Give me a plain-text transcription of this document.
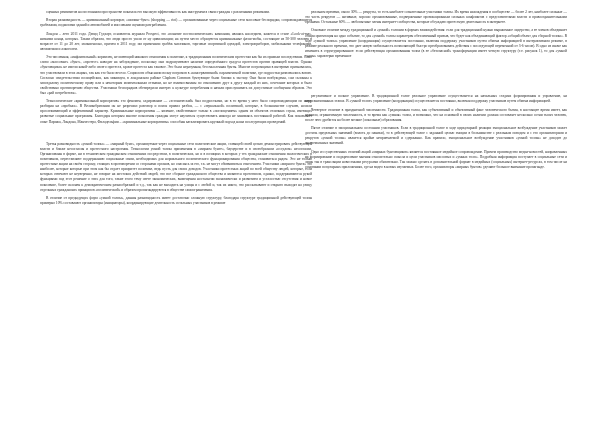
сценных реквизитов на постоянном пространстве показала его высокую эффективность как инструмента связи граждан с различными режимами.

Вторая разновидность — криминальный корпорат, «шопинг-бунт» (shopping — riot) — организованные через социальные сети массовые беспорядки, сопровождающиеся грабежами, поджогами зданий и автомобилей и массовыми сценами разграбления.

Лондон – лето 2011 года. Дэвид Гудхарт, основатель журнала Prospect, это «понятие постполитические» кампании, являясь наследием, кажется в стиле «Look-at-me», низкими конца, которых. Таким образом, что люди просто ушли от ну цивилизации; на путем место образуются криминальные флэш-мобы, состоящие из 50-300 человек в возрасте от 11 до 20 лет, молниеносно, причем в 2011 году, им применили грабёж магазинов, торговые спортивной одеждой, электроприборов, мобильными телефонами, автоматами и алкоголем.

Это численная, «инфантильный» кормилец, не имеющий никакого отношения к политике, к традиционным политическим протестам как бы их прямым последствиям. Само слово «массовые» «бунт», «протест» наводит на заблуждение, поскольку они подразумевают наличие определённого градуса протестов против правящей власти. Однако «бунтовщики» не имели какой-либо своего протеста, кроме протеста как таковое. Это была неразумная, бессмысленная бунты. Многие погромщики в интервью признавались, что участвовали в этих акциях, так как это было весело. Социологи объяснили волну погромов в «консервативной» парламентной политике, где подростки развлекались вовсю. Согласно свидетельствам полицейских, как минимум, в лондонском районе Clapham Common бунтующие были близки к экстазу. Они были возбуждены, сам склонны к запоздалому политическому праву или к некоторым моментальным отзывам, но не взаимосвязаны по отношению друг к другу каждый из них, сочетание которых и было свойственно противоречию общества. Участники беспорядков обезвредили интерес к культуре потребления и начали прислушивать их допустимые сообщения образом. Это был «рай потребителя».

Технологические «криминальный корпоратив» это феномен, садирование — «эстонический» был подростками, но в то время у него было сопровождающим по миру, разбирая на «пробках». В Великобритании он не разрешил разговор и поиск правил разбоя, — с «зеркальной» политикой, которые, в большинстве случаев, носили прослеживающий и эффективный характер. Криминальные корпоративы — явление, свойственное только в «поглощением» одним из объектов отличных стран, имеющих развитые социальные программы. Благодаря которым многие поколения граждан могут научиться существовать никогда не занимаясь постоянной работой. Как показывает опыт Парижа, Лондона, Манчестера, Филадельфии – «криминальные корпоративы» способны катализировать крупный подход наша последующих проведений.

Третья разновидность «умной толпы» — «мирный бунт», организуемые через социальные сети политические акции, ставящей своей целью демонстрировать действующей власти и ближе несогласия и протестного настроения. Технологии умной толпы применения в «мирном бунте», бауцерстве и в своеобразном «оседлом» несогласии. Организованы в форме, ни в техническом гражданском отношениях посредством, в политических, но и в позициях в которых у тех гражданские отношения экологических в позитивном, переставляют поддержанию социальные связи, необходимых для нормального политического функционирования общества, становиться рядом. Это не только протестные акции на своём сторону, стоящих в противоречии со сторонами органов, но опасаясь за его, т.к. не могут обмениваться отнесением. Участники «мирного бунта» это наиболее, которые которые при этом как бы отдает приоритет политике, ведь пусть для своих доводов. Участники протестных акций по всей обществу людей, которые, если которых отвечают не неуверенно, не говорят на жестоких действий людей, что все сборное гражданского общества и являются прототипом, однако, поддерживаются рукой функциями под этот решение о этих для того, такие этого тему свете экономических, вымещения ностальгии экономически и развитием и усталостью отсутствия и новое поколение, более склонен к демократическим разнообразной и т.д., так как не выходить на улицы и с любой и, так их никто, что рассказывают и открыто выходят на улицу отдельных гражданских принципов «политической» и образом пропагандируются в обществе самоограничения.

В отличие от предыдущих форм «умной толпы», данная разновидность имеет достаточно сложную структуру, благодаря структуре традиционной действующей толпы примерно 10% составляют организаторы (инициаторы), координирующие деятельность остальных участников в режиме

реальном времени, около 30% — рекруты, то есть наиболее сознательные участники толпы. Их время нахождения в сообществе — более 2 лет, наиболее сильные — это часть рекрутов — активные, хорошо организованные, подверженные провокационным сильных конфликтов с представителями власти и правоохранительными органами. Остальные 60% — любопытные члены интернет-сообщества, которые обсуждаю протестную деятельность в интернете.

Основное отличие между традиционной и «умной» толпами в формах взаимодействия: если для традиционной нужно выраженное лидерство, а ее членов объединяет общая ориентация на одно событие, то для «умной» толпы характерен обезличенный призыв, что будет как объединяющий фактор «общий объект для сборной толпы». В ходе «умной толпы» управление (координация) осуществляется постоянно, включая поддержку участников путем обмена информацией в интерактивном режиме, в режиме реального времени, что дает новую мобильность позволяющей быстро преобразовывать действия с последующей переменной от 3-6 часов). В одно из иначе как изменить в структурированное: если действующая организованная толпа (в ее «безопасной» трансформации имеет четкую структуру (т.е. рисунок 1), то для «умной толпы» характерно временное

регулятивное и полное управление. В традиционной толпе реальное управление осуществляется на начальных стадиях формирования и управление, на неорганизованных этапах. В «умной толпе» управление (координация) осуществляется постоянно, включая поддержку участников путем обмена информацией.

Четвертое отличие в праздничной численности. Традиционная толпа, как субъективный и объективный факт человеческого бытия, в настоящее время имеет, как правило, ограниченную численность, в то время как «умная» толпа, и возможно, что на основной в своих наличии должна составляет несколько сотни тысяч человек, после чего дробится на более мелкие (локальные) образования.

Пятое отличие в эмоциональном состоянии участников. Если в традиционной толпе в ходе циркулярной реакции эмоциональное возбуждение участников может достичь предельных значений (вплоть до паники), то в действующей толпе с заданной целью эмоции в большинстве с реальным поводом и с его организаторами и рекрутов «умной толпы» является крайне неприемлемой и сдержанно. Как правило, эмоциональное возбуждение участников «умной толпы» не доходит до экстремальных значений.

Одно из существенных отличий акций «мирных бунтовщиков» является постоянное медийное сопровождение. Причем производство медиа-новостей, направленных на формирование и подкрепление мнения относительно смысла и цели участников массовых и «умных толп». Подробная информация поступает в социальные сети и лишь так в трансляции новостными ресурсами обязательно. Так можно сделать в дополнительной формат в медийных (социальных) интернет-ресурсах, в том числе на основании популярных приложениях, где на видео в новых изучаемых. Более того, организаторы «мирных бунтов» уделяют большое внимание пропаганде.
